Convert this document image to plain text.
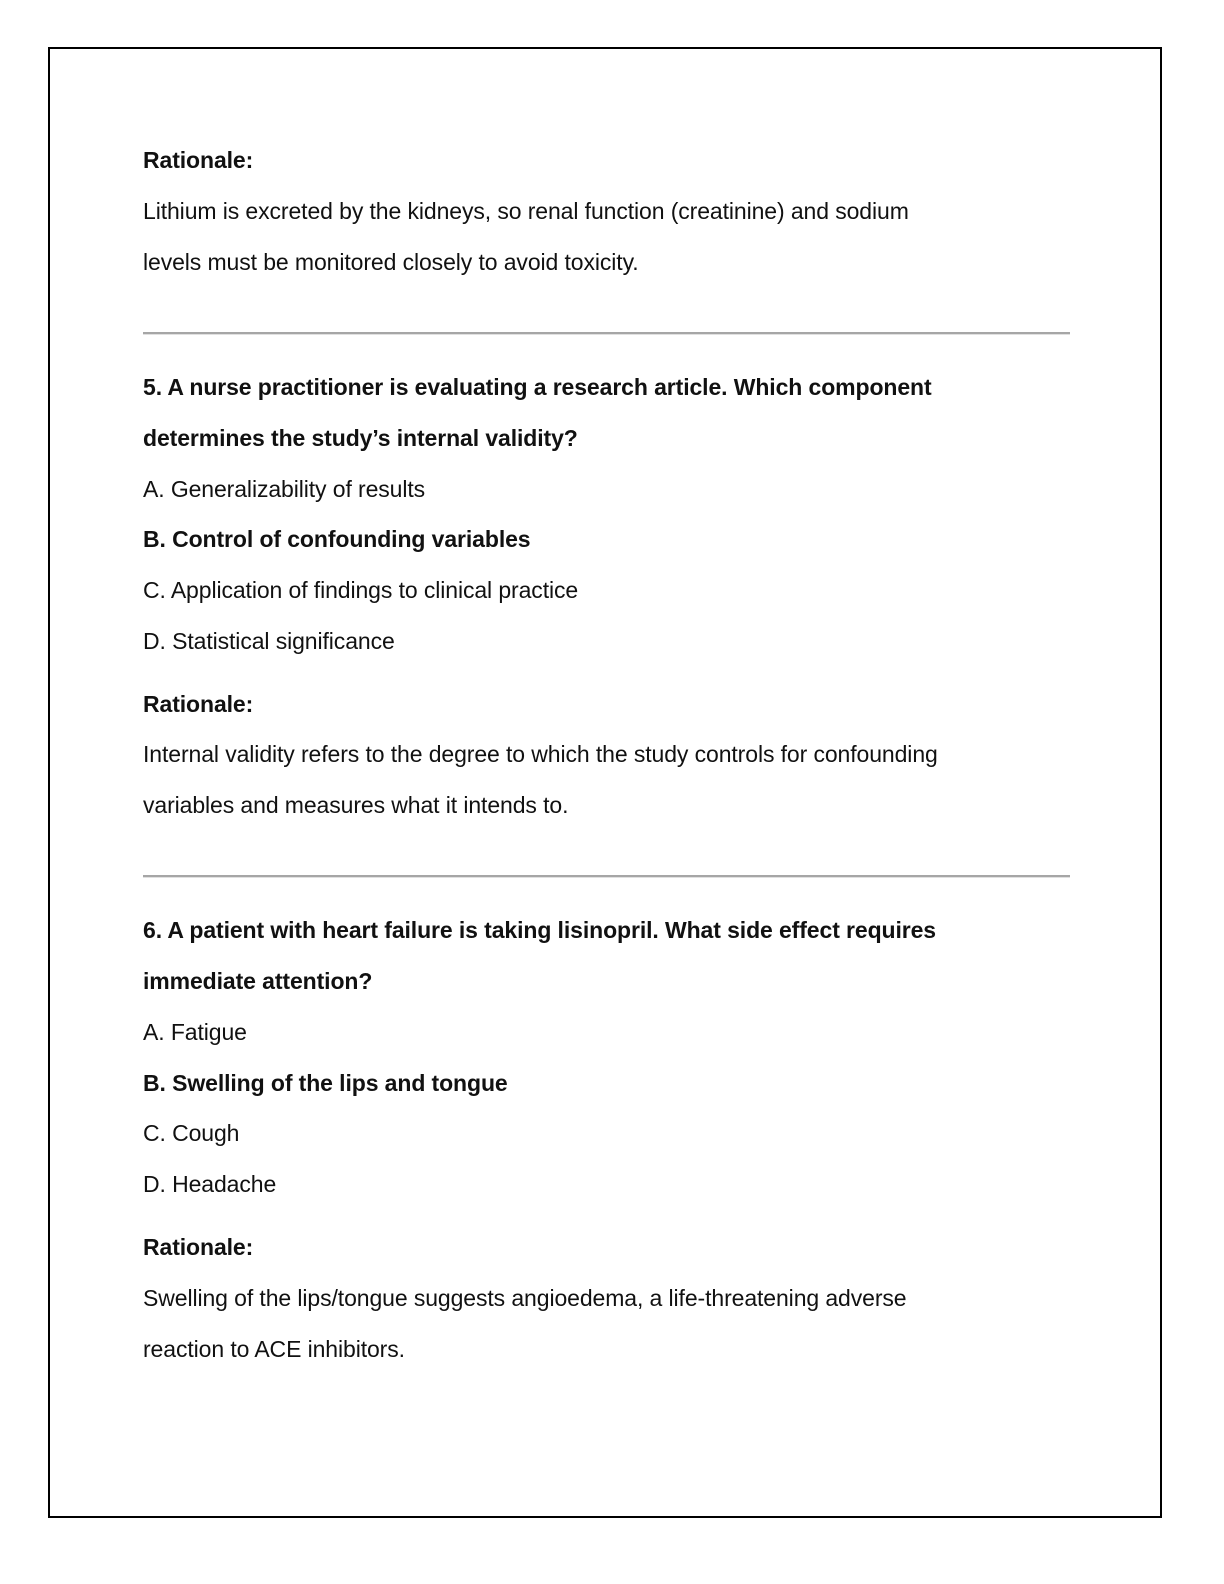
Rationale:
Lithium is excreted by the kidneys, so renal function (creatinine) and sodium
levels must be monitored closely to avoid toxicity.
5. A nurse practitioner is evaluating a research article. Which component
determines the study’s internal validity?
A. Generalizability of results
B. Control of confounding variables
C. Application of findings to clinical practice
D. Statistical significance
Rationale:
Internal validity refers to the degree to which the study controls for confounding
variables and measures what it intends to.
6. A patient with heart failure is taking lisinopril. What side effect requires
immediate attention?
A. Fatigue
B. Swelling of the lips and tongue
C. Cough
D. Headache
Rationale:
Swelling of the lips/tongue suggests angioedema, a life-threatening adverse
reaction to ACE inhibitors.
